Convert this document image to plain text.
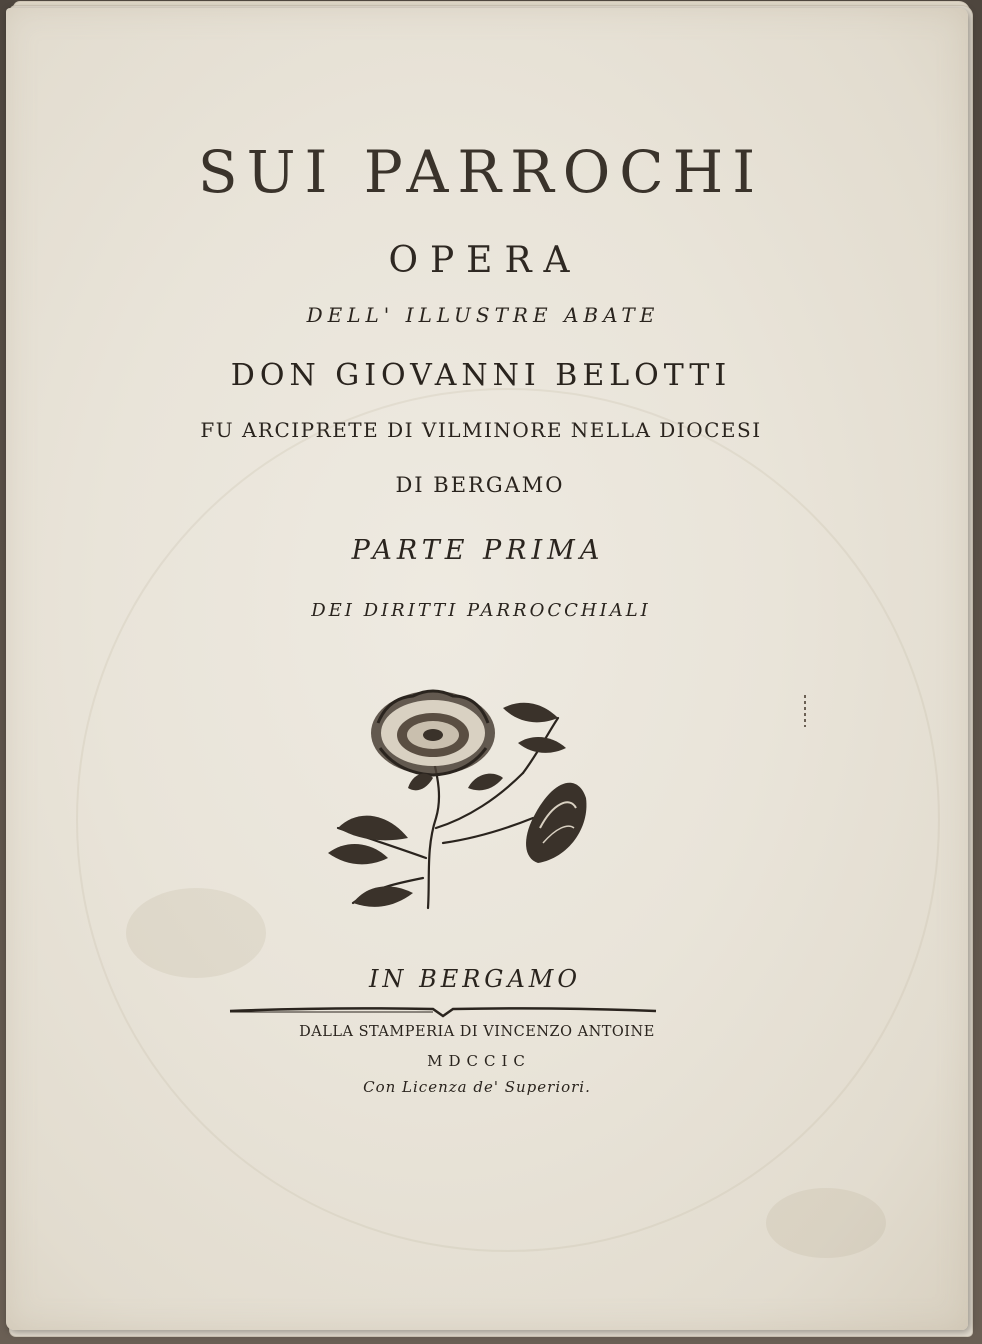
SUI PARROCHI
OPERA
DELL' ILLUSTRE ABATE
DON GIOVANNI BELOTTI
FU ARCIPRETE DI VILMINORE NELLA DIOCESI
DI BERGAMO
PARTE PRIMA
DEI DIRITTI PARROCCHIALI
IN BERGAMO
DALLA STAMPERIA DI VINCENZO ANTOINE
MDCCIC
Con Licenza de' Superiori.
